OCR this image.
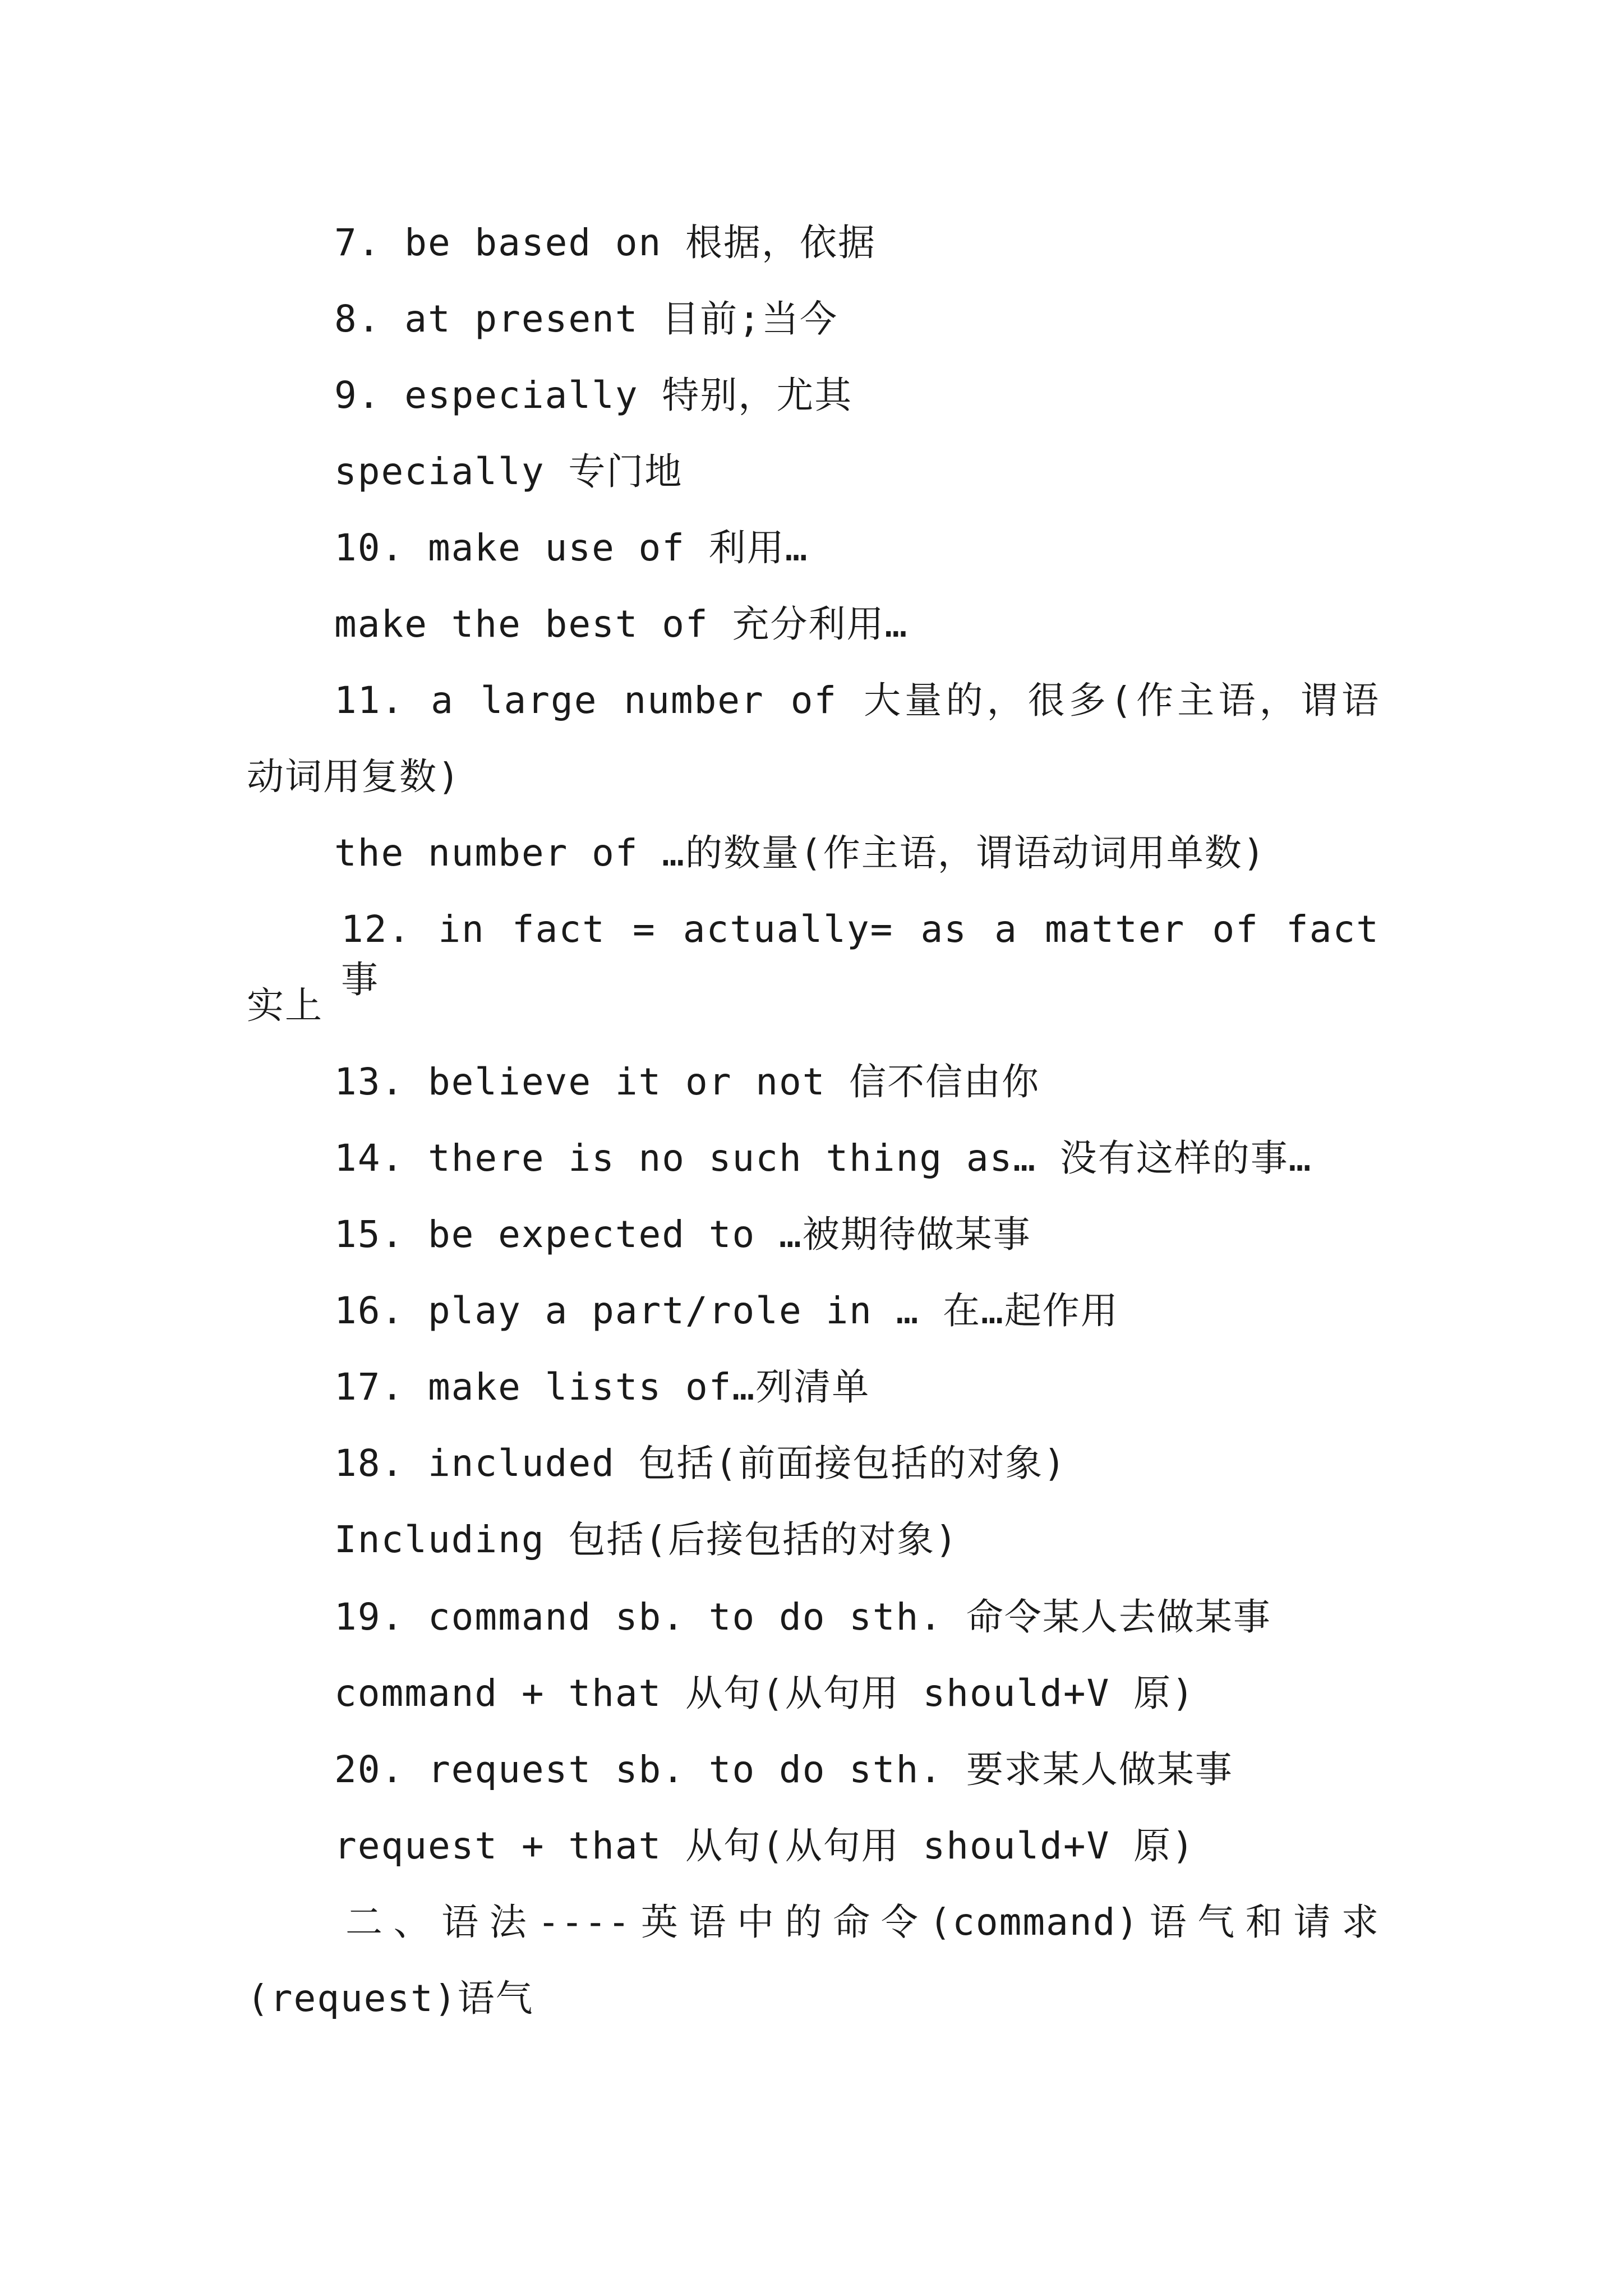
7. be based on 根据，依据
8. at present 目前;当今
9. especially 特别，尤其
specially 专门地
10. make use of 利用…
make the best of 充分利用…
11. a large number of 大量的，很多(作主语，谓语
动词用复数)
the number of …的数量(作主语，谓语动词用单数)
12. in fact = actually= as a matter of fact 事
实上
13. believe it or not 信不信由你
14. there is no such thing as… 没有这样的事…
15. be expected to …被期待做某事
16. play a part/role in … 在…起作用
17. make lists of…列清单
18. included 包括(前面接包括的对象)
Including 包括(后接包括的对象)
19. command sb. to do sth. 命令某人去做某事
command + that 从句(从句用 should+V 原)
20. request sb. to do sth. 要求某人做某事
request + that 从句(从句用 should+V 原)
二、语法----英语中的命令(command)语气和请求
(request)语气
